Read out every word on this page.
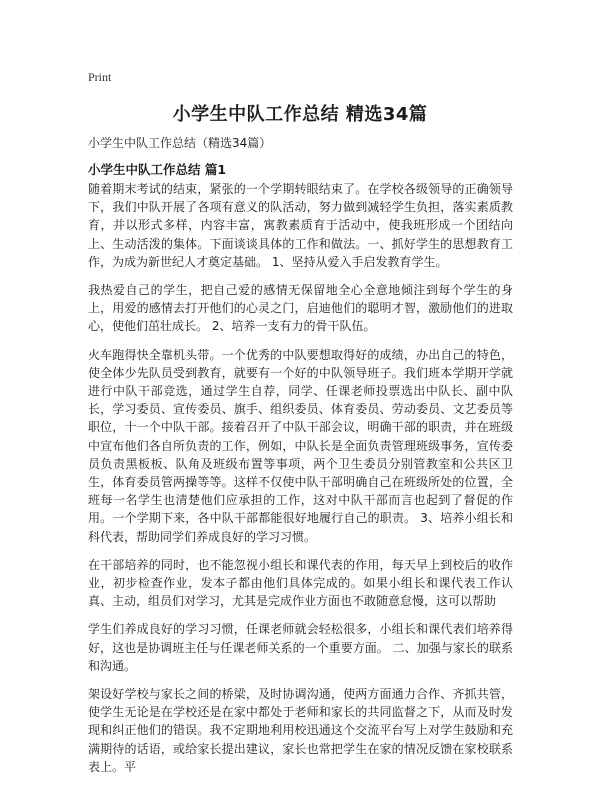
Print
小学生中队工作总结 精选34篇
小学生中队工作总结（精选34篇）
小学生中队工作总结 篇1

随着期末考试的结束，紧张的一个学期转眼结束了。在学校各级领导的正确领导下，我们中队开展了各项有意义的队活动，努力做到减轻学生负担，落实素质教育，并以形式多样，内容丰富，寓教素质育于活动中，使我班形成一个团结向上、生动活泼的集体。下面谈谈具体的工作和做法。一、抓好学生的思想教育工作，为成为新世纪人才奠定基础。 1、坚持从爱入手启发教育学生。

我热爱自己的学生，把自己爱的感情无保留地全心全意地倾注到每个学生的身上，用爱的感情去打开他们的心灵之门，启迪他们的聪明才智，激励他们的进取心，使他们茁壮成长。 2、培养一支有力的骨干队伍。

火车跑得快全靠机头带。一个优秀的中队要想取得好的成绩，办出自己的特色，使全体少先队员受到教育，就要有一个好的中队领导班子。我们班本学期开学就进行中队干部竞选，通过学生自荐，同学、任课老师投票选出中队长、副中队长，学习委员、宣传委员、旗手、组织委员、体育委员、劳动委员、文艺委员等职位，十一个中队干部。接着召开了中队干部会议，明确干部的职责，并在班级中宣布他们各自所负责的工作，例如，中队长是全面负责管理班级事务，宣传委员负责黑板板、队角及班级布置等事项，两个卫生委员分别管教室和公共区卫生，体育委员管两操等等。这样不仅使中队干部明确自己在班级所处的位置，全班每一名学生也清楚他们应承担的工作，这对中队干部而言也起到了督促的作用。一个学期下来，各中队干部都能很好地履行自己的职责。 3、培养小组长和科代表，帮助同学们养成良好的学习习惯。

在干部培养的同时，也不能忽视小组长和课代表的作用，每天早上到校后的收作业，初步检查作业，发本子都由他们具体完成的。如果小组长和课代表工作认真、主动，组员们对学习，尤其是完成作业方面也不敢随意怠慢，这可以帮助

学生们养成良好的学习习惯，任课老师就会轻松很多，小组长和课代表们培养得好，这也是协调班主任与任课老师关系的一个重要方面。 二、加强与家长的联系和沟通。

架设好学校与家长之间的桥梁，及时协调沟通，使两方面通力合作、齐抓共管，使学生无论是在学校还是在家中都处于老师和家长的共同监督之下，从而及时发现和纠正他们的错误。我不定期地利用校迅通这个交流平台写上对学生鼓励和充满期待的话语，或给家长提出建议，家长也常把学生在家的情况反馈在家校联系表上。平
